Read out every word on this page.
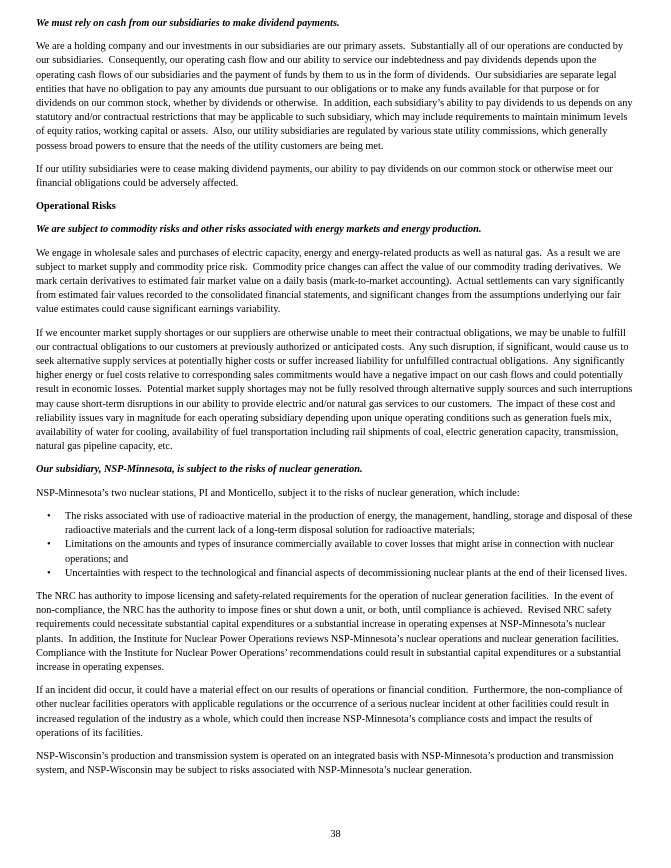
We must rely on cash from our subsidiaries to make dividend payments.

We are a holding company and our investments in our subsidiaries are our primary assets.  Substantially all of our operations are conducted by our subsidiaries.  Consequently, our operating cash flow and our ability to service our indebtedness and pay dividends depends upon the operating cash flows of our subsidiaries and the payment of funds by them to us in the form of dividends.  Our subsidiaries are separate legal entities that have no obligation to pay any amounts due pursuant to our obligations or to make any funds available for that purpose or for dividends on our common stock, whether by dividends or otherwise.  In addition, each subsidiary’s ability to pay dividends to us depends on any statutory and/or contractual restrictions that may be applicable to such subsidiary, which may include requirements to maintain minimum levels of equity ratios, working capital or assets.  Also, our utility subsidiaries are regulated by various state utility commissions, which generally possess broad powers to ensure that the needs of the utility customers are being met.

If our utility subsidiaries were to cease making dividend payments, our ability to pay dividends on our common stock or otherwise meet our financial obligations could be adversely affected.

Operational Risks

We are subject to commodity risks and other risks associated with energy markets and energy production.

We engage in wholesale sales and purchases of electric capacity, energy and energy-related products as well as natural gas.  As a result we are subject to market supply and commodity price risk.  Commodity price changes can affect the value of our commodity trading derivatives.  We mark certain derivatives to estimated fair market value on a daily basis (mark-to-market accounting).  Actual settlements can vary significantly from estimated fair values recorded to the consolidated financial statements, and significant changes from the assumptions underlying our fair value estimates could cause significant earnings variability.

If we encounter market supply shortages or our suppliers are otherwise unable to meet their contractual obligations, we may be unable to fulfill our contractual obligations to our customers at previously authorized or anticipated costs.  Any such disruption, if significant, would cause us to seek alternative supply services at potentially higher costs or suffer increased liability for unfulfilled contractual obligations.  Any significantly higher energy or fuel costs relative to corresponding sales commitments would have a negative impact on our cash flows and could potentially result in economic losses.  Potential market supply shortages may not be fully resolved through alternative supply sources and such interruptions may cause short-term disruptions in our ability to provide electric and/or natural gas services to our customers.  The impact of these cost and reliability issues vary in magnitude for each operating subsidiary depending upon unique operating conditions such as generation fuels mix, availability of water for cooling, availability of fuel transportation including rail shipments of coal, electric generation capacity, transmission, natural gas pipeline capacity, etc.

Our subsidiary, NSP-Minnesota, is subject to the risks of nuclear generation.

NSP-Minnesota’s two nuclear stations, PI and Monticello, subject it to the risks of nuclear generation, which include:

•	The risks associated with use of radioactive material in the production of energy, the management, handling, storage and disposal of these radioactive materials and the current lack of a long-term disposal solution for radioactive materials;
•	Limitations on the amounts and types of insurance commercially available to cover losses that might arise in connection with nuclear operations; and
•	Uncertainties with respect to the technological and financial aspects of decommissioning nuclear plants at the end of their licensed lives.

The NRC has authority to impose licensing and safety-related requirements for the operation of nuclear generation facilities.  In the event of non-compliance, the NRC has the authority to impose fines or shut down a unit, or both, until compliance is achieved.  Revised NRC safety requirements could necessitate substantial capital expenditures or a substantial increase in operating expenses at NSP-Minnesota’s nuclear plants.  In addition, the Institute for Nuclear Power Operations reviews NSP-Minnesota’s nuclear operations and nuclear generation facilities.  Compliance with the Institute for Nuclear Power Operations’ recommendations could result in substantial capital expenditures or a substantial increase in operating expenses.

If an incident did occur, it could have a material effect on our results of operations or financial condition.  Furthermore, the non-compliance of other nuclear facilities operators with applicable regulations or the occurrence of a serious nuclear incident at other facilities could result in increased regulation of the industry as a whole, which could then increase NSP-Minnesota’s compliance costs and impact the results of operations of its facilities.

NSP-Wisconsin’s production and transmission system is operated on an integrated basis with NSP-Minnesota’s production and transmission system, and NSP-Wisconsin may be subject to risks associated with NSP-Minnesota’s nuclear generation.

38
